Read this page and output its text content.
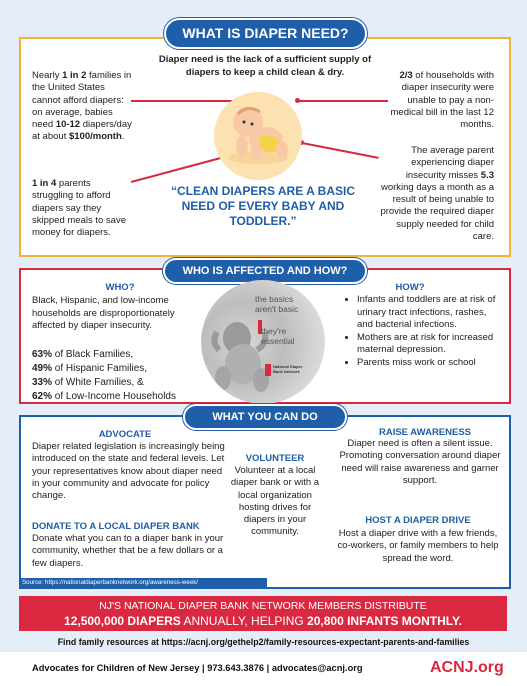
WHAT IS DIAPER NEED?
Diaper need is the lack of a sufficient supply of
diapers to keep a child clean & dry.
Nearly 1 in 2 families in the United States cannot afford diapers: on average, babies need 10-12 diapers/day at about $100/month.
1 in 4 parents struggling to afford diapers say they skipped meals to save money for diapers.
2/3 of households with diaper insecurity were unable to pay a non-medical bill in the last 12 months.
The average parent experiencing diaper insecurity misses 5.3 working days a month as a result of being unable to provide the required diaper supply needed for child care.
“CLEAN DIAPERS ARE A BASIC NEED OF EVERY BABY AND TODDLER.”
WHO IS AFFECTED AND HOW?
WHO?
Black, Hispanic, and low-income households are disproportionately affected by diaper insecurity.
63% of Black Families,
49% of Hispanic Families,
33% of White Families, &
62% of Low-Income Households
the basics aren't basic
they're essential
National Diaper Bank Network
HOW?
• Infants and toddlers are at risk of urinary tract infections, rashes, and bacterial infections.
• Mothers are at risk for increased maternal depression.
• Parents miss work or school
WHAT YOU CAN DO
ADVOCATE
Diaper related legislation is increasingly being introduced on the state and federal levels. Let your representatives know about diaper need in your community and advocate for policy change.
DONATE TO A LOCAL DIAPER BANK
Donate what you can to a diaper bank in your community, whether that be a few dollars or a few diapers.
VOLUNTEER
Volunteer at a local diaper bank or with a local organization hosting drives for diapers in your community.
RAISE AWARENESS
Diaper need is often a silent issue. Promoting conversation around diaper need will raise awareness and garner support.
HOST A DIAPER DRIVE
Host a diaper drive with a few friends, co-workers, or family members to help spread the word.
Source: https://nationaldiaperbanknetwork.org/awareness-week/
NJ'S NATIONAL DIAPER BANK NETWORK MEMBERS DISTRIBUTE
12,500,000 DIAPERS ANNUALLY, HELPING 20,800 INFANTS MONTHLY.
Find family resources at https://acnj.org/gethelp2/family-resources-expectant-parents-and-families
Advocates for Children of New Jersey | 973.643.3876 | advocates@acnj.org	ACNJ.org
